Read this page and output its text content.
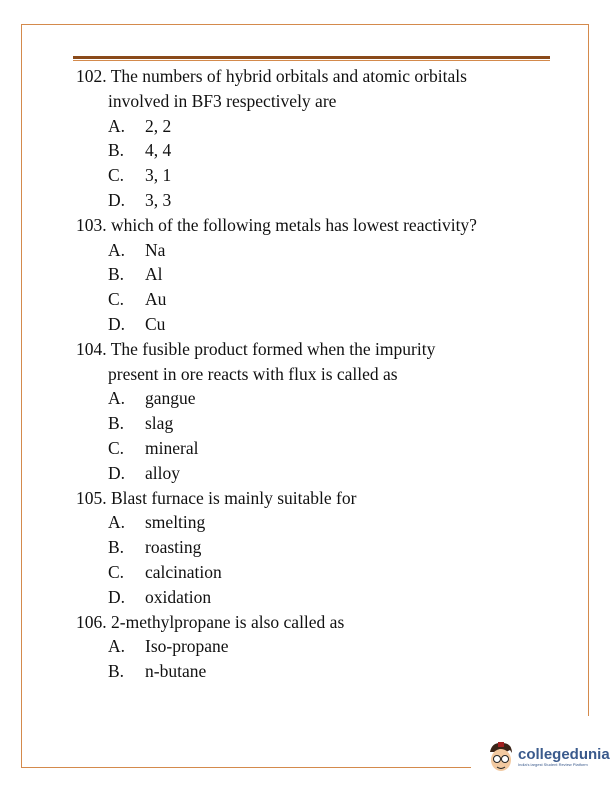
102. The numbers of hybrid orbitals and atomic orbitals
involved in BF3 respectively are
A. 2, 2
B. 4, 4
C. 3, 1
D. 3, 3
103. which of the following metals has lowest reactivity?
A. Na
B. Al
C. Au
D. Cu
104. The fusible product formed when the impurity
present in ore reacts with flux is called as
A. gangue
B. slag
C. mineral
D. alloy
105. Blast furnace is mainly suitable for
A. smelting
B. roasting
C. calcination
D. oxidation
106. 2-methylpropane is also called as
A. Iso-propane
B. n-butane
collegedunia
India's largest Student Review Platform
